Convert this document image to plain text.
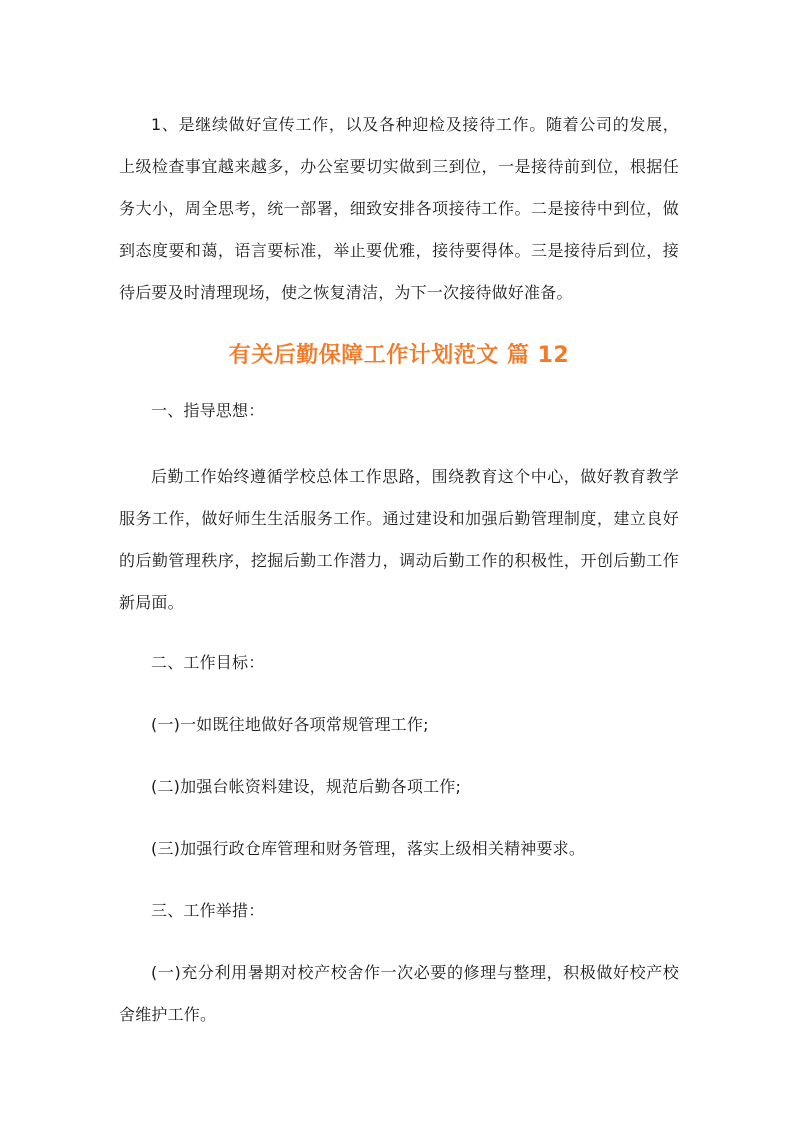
1、是继续做好宣传工作，以及各种迎检及接待工作。随着公司的发展，上级检查事宜越来越多，办公室要切实做到三到位，一是接待前到位，根据任务大小，周全思考，统一部署，细致安排各项接待工作。二是接待中到位，做到态度要和蔼，语言要标准，举止要优雅，接待要得体。三是接待后到位，接待后要及时清理现场，使之恢复清洁，为下一次接待做好准备。

有关后勤保障工作计划范文 篇 12

一、指导思想：

后勤工作始终遵循学校总体工作思路，围绕教育这个中心，做好教育教学服务工作，做好师生生活服务工作。通过建设和加强后勤管理制度，建立良好的后勤管理秩序，挖掘后勤工作潜力，调动后勤工作的积极性，开创后勤工作新局面。

二、工作目标：

(一)一如既往地做好各项常规管理工作;

(二)加强台帐资料建设，规范后勤各项工作;

(三)加强行政仓库管理和财务管理，落实上级相关精神要求。

三、工作举措：

(一)充分利用暑期对校产校舍作一次必要的修理与整理，积极做好校产校舍维护工作。
